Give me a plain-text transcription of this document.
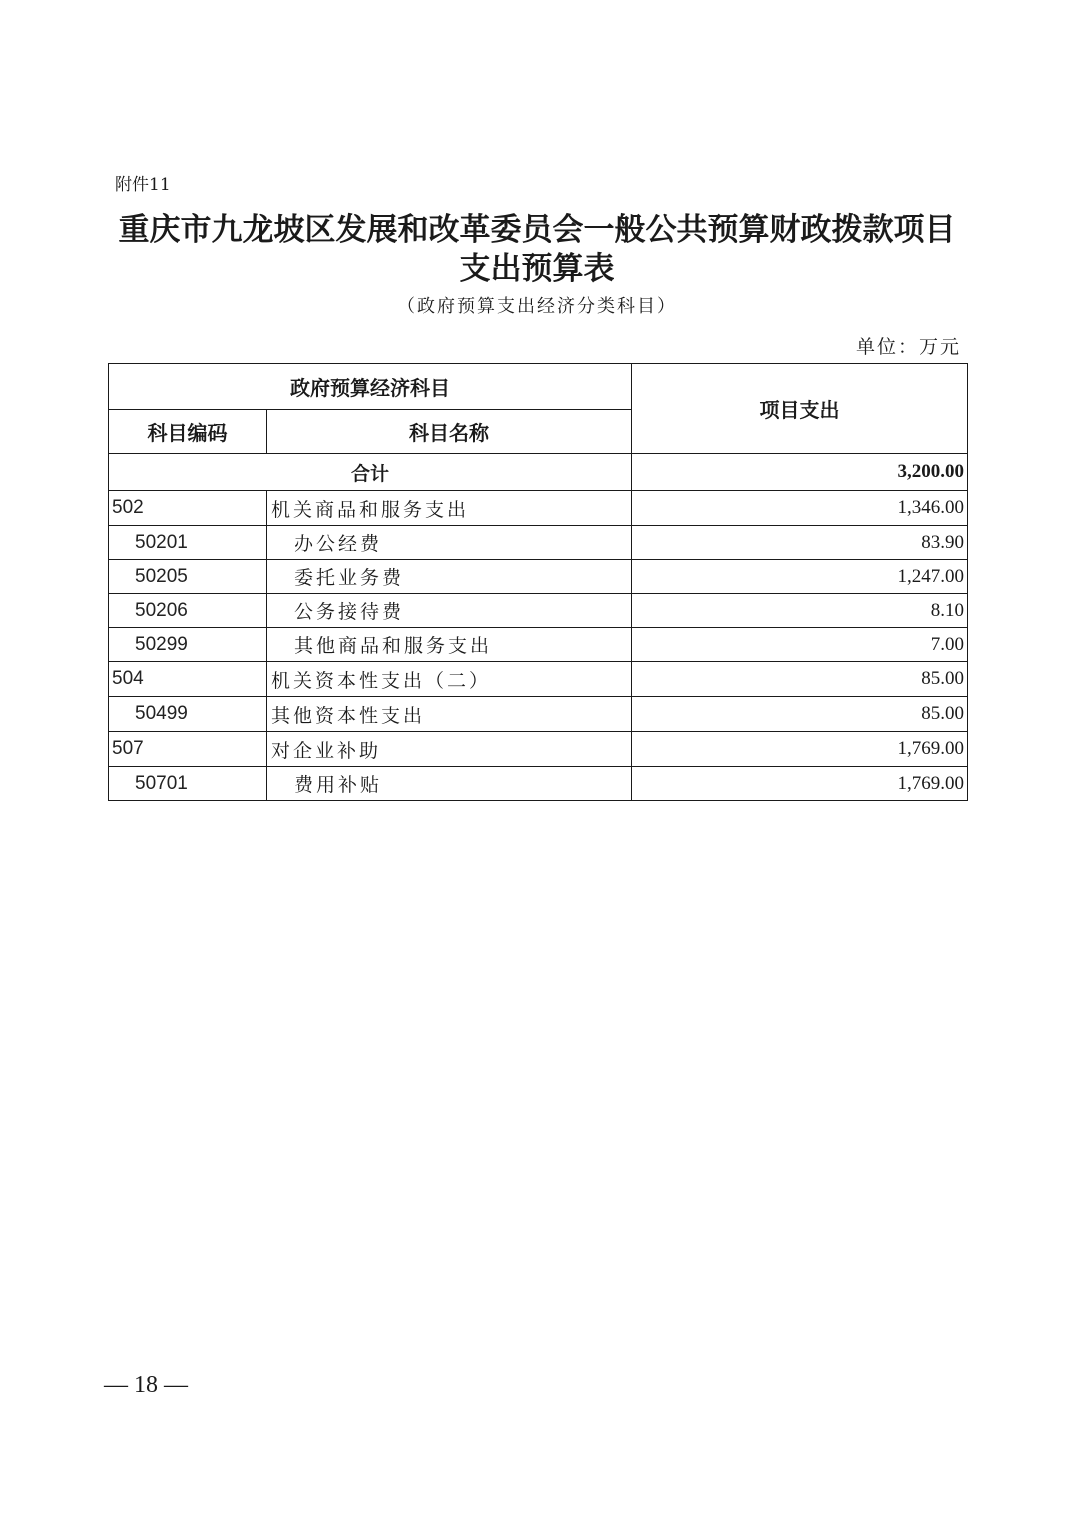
附件11
重庆市九龙坡区发展和改革委员会一般公共预算财政拨款项目
支出预算表
（政府预算支出经济分类科目）
单位：万元
政府预算经济科目		项目支出
科目编码	科目名称	
合计		3,200.00
502	机关商品和服务支出	1,346.00
50201	办公经费	83.90
50205	委托业务费	1,247.00
50206	公务接待费	8.10
50299	其他商品和服务支出	7.00
504	机关资本性支出（二）	85.00
50499	其他资本性支出	85.00
507	对企业补助	1,769.00
50701	费用补贴	1,769.00
— 18 —
